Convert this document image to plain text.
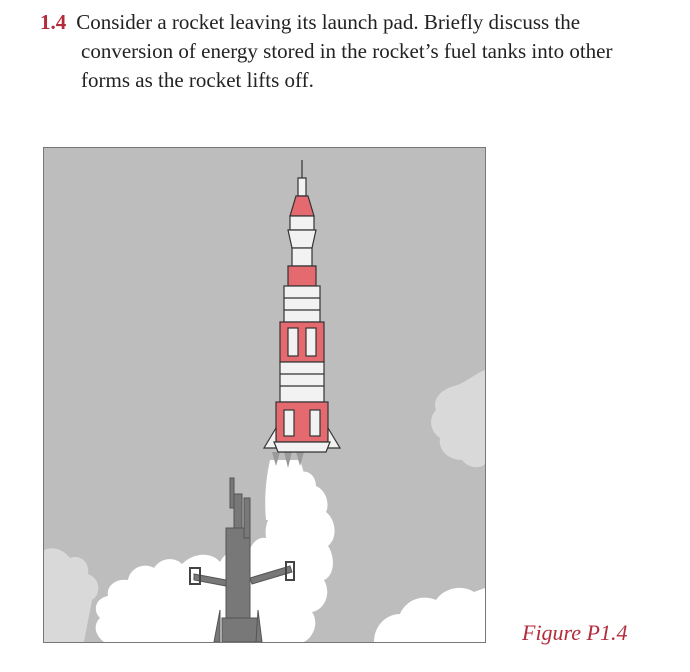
1.4 Consider a rocket leaving its launch pad. Briefly discuss the
conversion of energy stored in the rocket’s fuel tanks into other
forms as the rocket lifts off.
Figure P1.4
